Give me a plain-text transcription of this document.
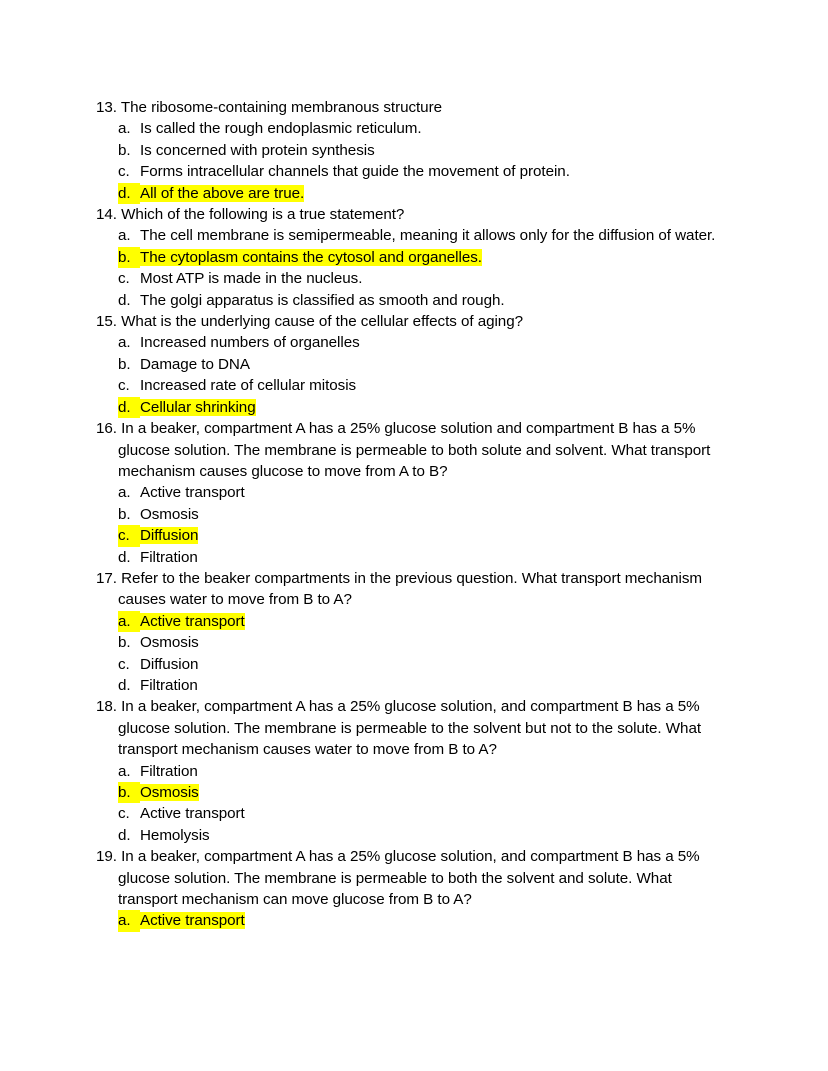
13. The ribosome-containing membranous structure

a. Is called the rough endoplasmic reticulum.
b. Is concerned with protein synthesis
c. Forms intracellular channels that guide the movement of protein.
d. All of the above are true.

14. Which of the following is a true statement?

a. The cell membrane is semipermeable, meaning it allows only for the diffusion of water.
b. The cytoplasm contains the cytosol and organelles.
c. Most ATP is made in the nucleus.
d. The golgi apparatus is classified as smooth and rough.

15. What is the underlying cause of the cellular effects of aging?

a. Increased numbers of organelles
b. Damage to DNA
c. Increased rate of cellular mitosis
d. Cellular shrinking

16. In a beaker, compartment A has a 25% glucose solution and compartment B has a 5% glucose solution. The membrane is permeable to both solute and solvent. What transport mechanism causes glucose to move from A to B?

a. Active transport
b. Osmosis
c. Diffusion
d. Filtration

17. Refer to the beaker compartments in the previous question. What transport mechanism causes water to move from B to A?

a. Active transport
b. Osmosis
c. Diffusion
d. Filtration

18. In a beaker, compartment A has a 25% glucose solution, and compartment B has a 5% glucose solution. The membrane is permeable to the solvent but not to the solute. What transport mechanism causes water to move from B to A?

a. Filtration
b. Osmosis
c. Active transport
d. Hemolysis

19. In a beaker, compartment A has a 25% glucose solution, and compartment B has a 5% glucose solution. The membrane is permeable to both the solvent and solute. What transport mechanism can move glucose from B to A?

a. Active transport
